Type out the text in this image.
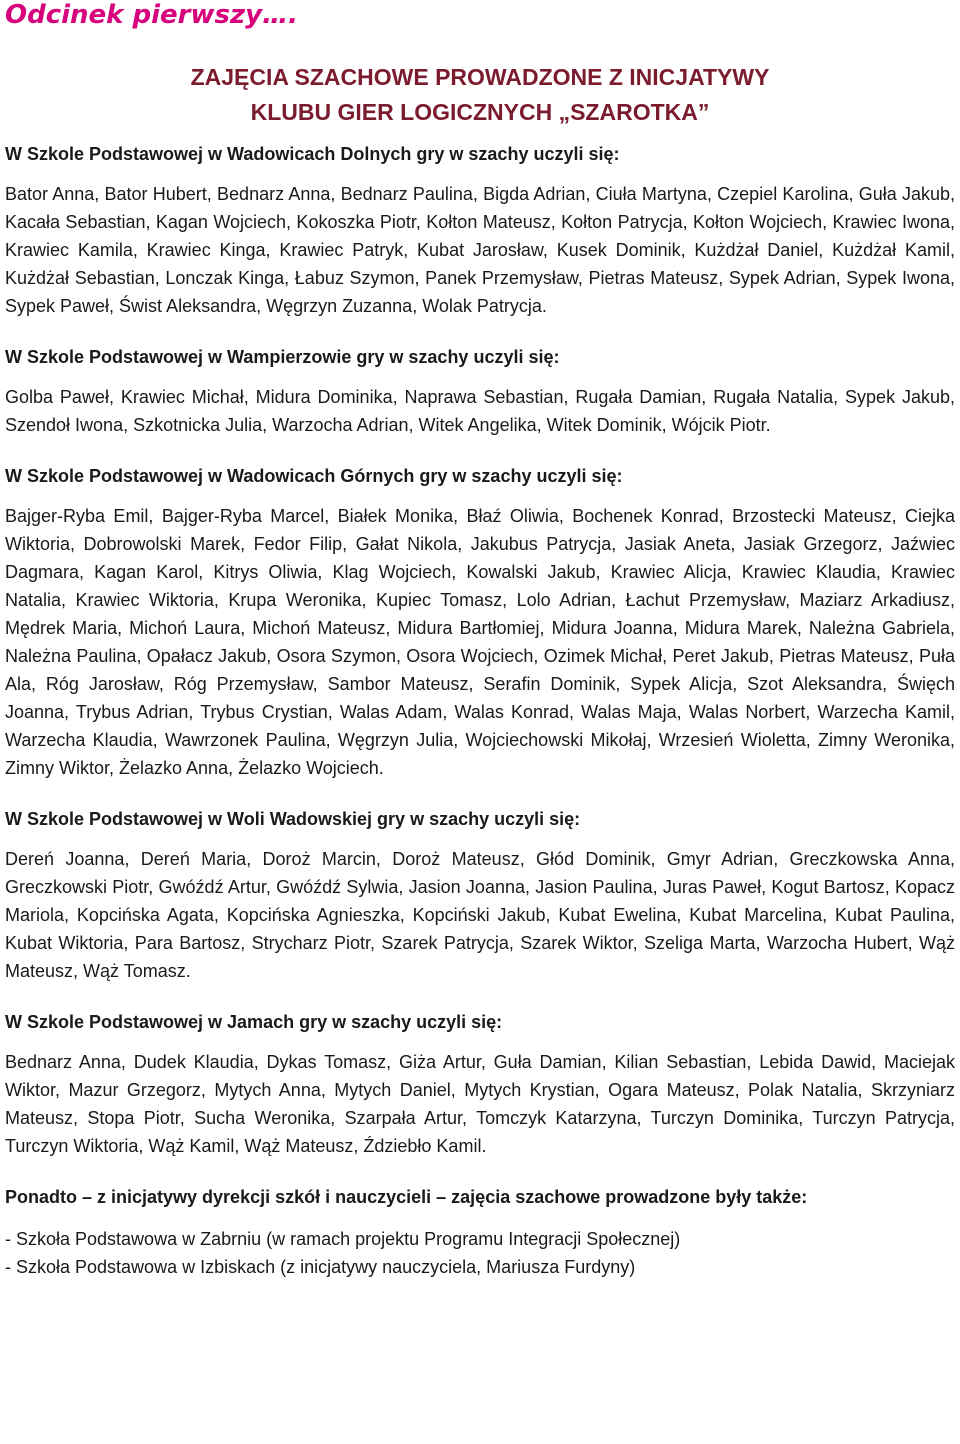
Odcinek pierwszy….
ZAJĘCIA SZACHOWE PROWADZONE Z INICJATYWY
KLUBU GIER LOGICZNYCH „SZAROTKA”

W Szkole Podstawowej w Wadowicach Dolnych gry w szachy uczyli się:

Bator Anna, Bator Hubert, Bednarz Anna, Bednarz Paulina, Bigda Adrian, Ciuła Martyna, Czepiel Karolina, Guła Jakub, Kacała Sebastian, Kagan Wojciech, Kokoszka Piotr, Kołton Mateusz, Kołton Patrycja, Kołton Wojciech, Krawiec Iwona, Krawiec Kamila, Krawiec Kinga, Krawiec Patryk, Kubat Jarosław, Kusek Dominik, Kużdżał Daniel, Kużdżał Kamil, Kużdżał Sebastian, Lonczak Kinga, Łabuz Szymon, Panek Przemysław, Pietras Mateusz, Sypek Adrian, Sypek Iwona, Sypek Paweł, Świst Aleksandra, Węgrzyn Zuzanna, Wolak Patrycja.

W Szkole Podstawowej w Wampierzowie gry w szachy uczyli się:

Golba Paweł, Krawiec Michał, Midura Dominika, Naprawa Sebastian, Rugała Damian, Rugała Natalia, Sypek Jakub, Szendoł Iwona, Szkotnicka Julia, Warzocha Adrian, Witek Angelika, Witek Dominik, Wójcik Piotr.

W Szkole Podstawowej w Wadowicach Górnych gry w szachy uczyli się:

Bajger-Ryba Emil, Bajger-Ryba Marcel, Białek Monika, Błaź Oliwia, Bochenek Konrad, Brzostecki Mateusz, Ciejka Wiktoria, Dobrowolski Marek, Fedor Filip, Gałat Nikola, Jakubus Patrycja, Jasiak Aneta, Jasiak Grzegorz, Jaźwiec Dagmara, Kagan Karol, Kitrys Oliwia, Klag Wojciech, Kowalski Jakub, Krawiec Alicja, Krawiec Klaudia, Krawiec Natalia, Krawiec Wiktoria, Krupa Weronika, Kupiec Tomasz, Lolo Adrian, Łachut Przemysław, Maziarz Arkadiusz, Mędrek Maria, Michoń Laura, Michoń Mateusz, Midura Bartłomiej, Midura Joanna, Midura Marek, Należna Gabriela, Należna Paulina, Opałacz Jakub, Osora Szymon, Osora Wojciech, Ozimek Michał, Peret Jakub, Pietras Mateusz, Puła Ala, Róg Jarosław, Róg Przemysław, Sambor Mateusz, Serafin Dominik, Sypek Alicja, Szot Aleksandra, Święch Joanna, Trybus Adrian, Trybus Crystian, Walas Adam, Walas Konrad, Walas Maja, Walas Norbert, Warzecha Kamil, Warzecha Klaudia, Wawrzonek Paulina, Węgrzyn Julia, Wojciechowski Mikołaj, Wrzesień Wioletta, Zimny Weronika, Zimny Wiktor, Żelazko Anna, Żelazko Wojciech.

W Szkole Podstawowej w Woli Wadowskiej gry w szachy uczyli się:

Dereń Joanna, Dereń Maria, Doroż Marcin, Doroż Mateusz, Głód Dominik, Gmyr Adrian, Greczkowska Anna, Greczkowski Piotr, Gwóźdź Artur, Gwóźdź Sylwia, Jasion Joanna, Jasion Paulina, Juras Paweł, Kogut Bartosz, Kopacz Mariola, Kopcińska Agata, Kopcińska Agnieszka, Kopciński Jakub, Kubat Ewelina, Kubat Marcelina, Kubat Paulina, Kubat Wiktoria, Para Bartosz, Strycharz Piotr, Szarek Patrycja, Szarek Wiktor, Szeliga Marta, Warzocha Hubert, Wąż Mateusz, Wąż Tomasz.

W Szkole Podstawowej w Jamach gry w szachy uczyli się:

Bednarz Anna, Dudek Klaudia, Dykas Tomasz, Giża Artur, Guła Damian, Kilian Sebastian, Lebida Dawid, Maciejak Wiktor, Mazur Grzegorz, Mytych Anna, Mytych Daniel, Mytych Krystian, Ogara Mateusz, Polak Natalia, Skrzyniarz Mateusz, Stopa Piotr, Sucha Weronika, Szarpała Artur, Tomczyk Katarzyna, Turczyn Dominika, Turczyn Patrycja, Turczyn Wiktoria, Wąż Kamil, Wąż Mateusz, Ździebło Kamil.

Ponadto – z inicjatywy dyrekcji szkół i nauczycieli – zajęcia szachowe prowadzone były także:

- Szkoła Podstawowa w Zabrniu (w ramach projektu Programu Integracji Społecznej)
- Szkoła Podstawowa w Izbiskach (z inicjatywy nauczyciela, Mariusza Furdyny)
